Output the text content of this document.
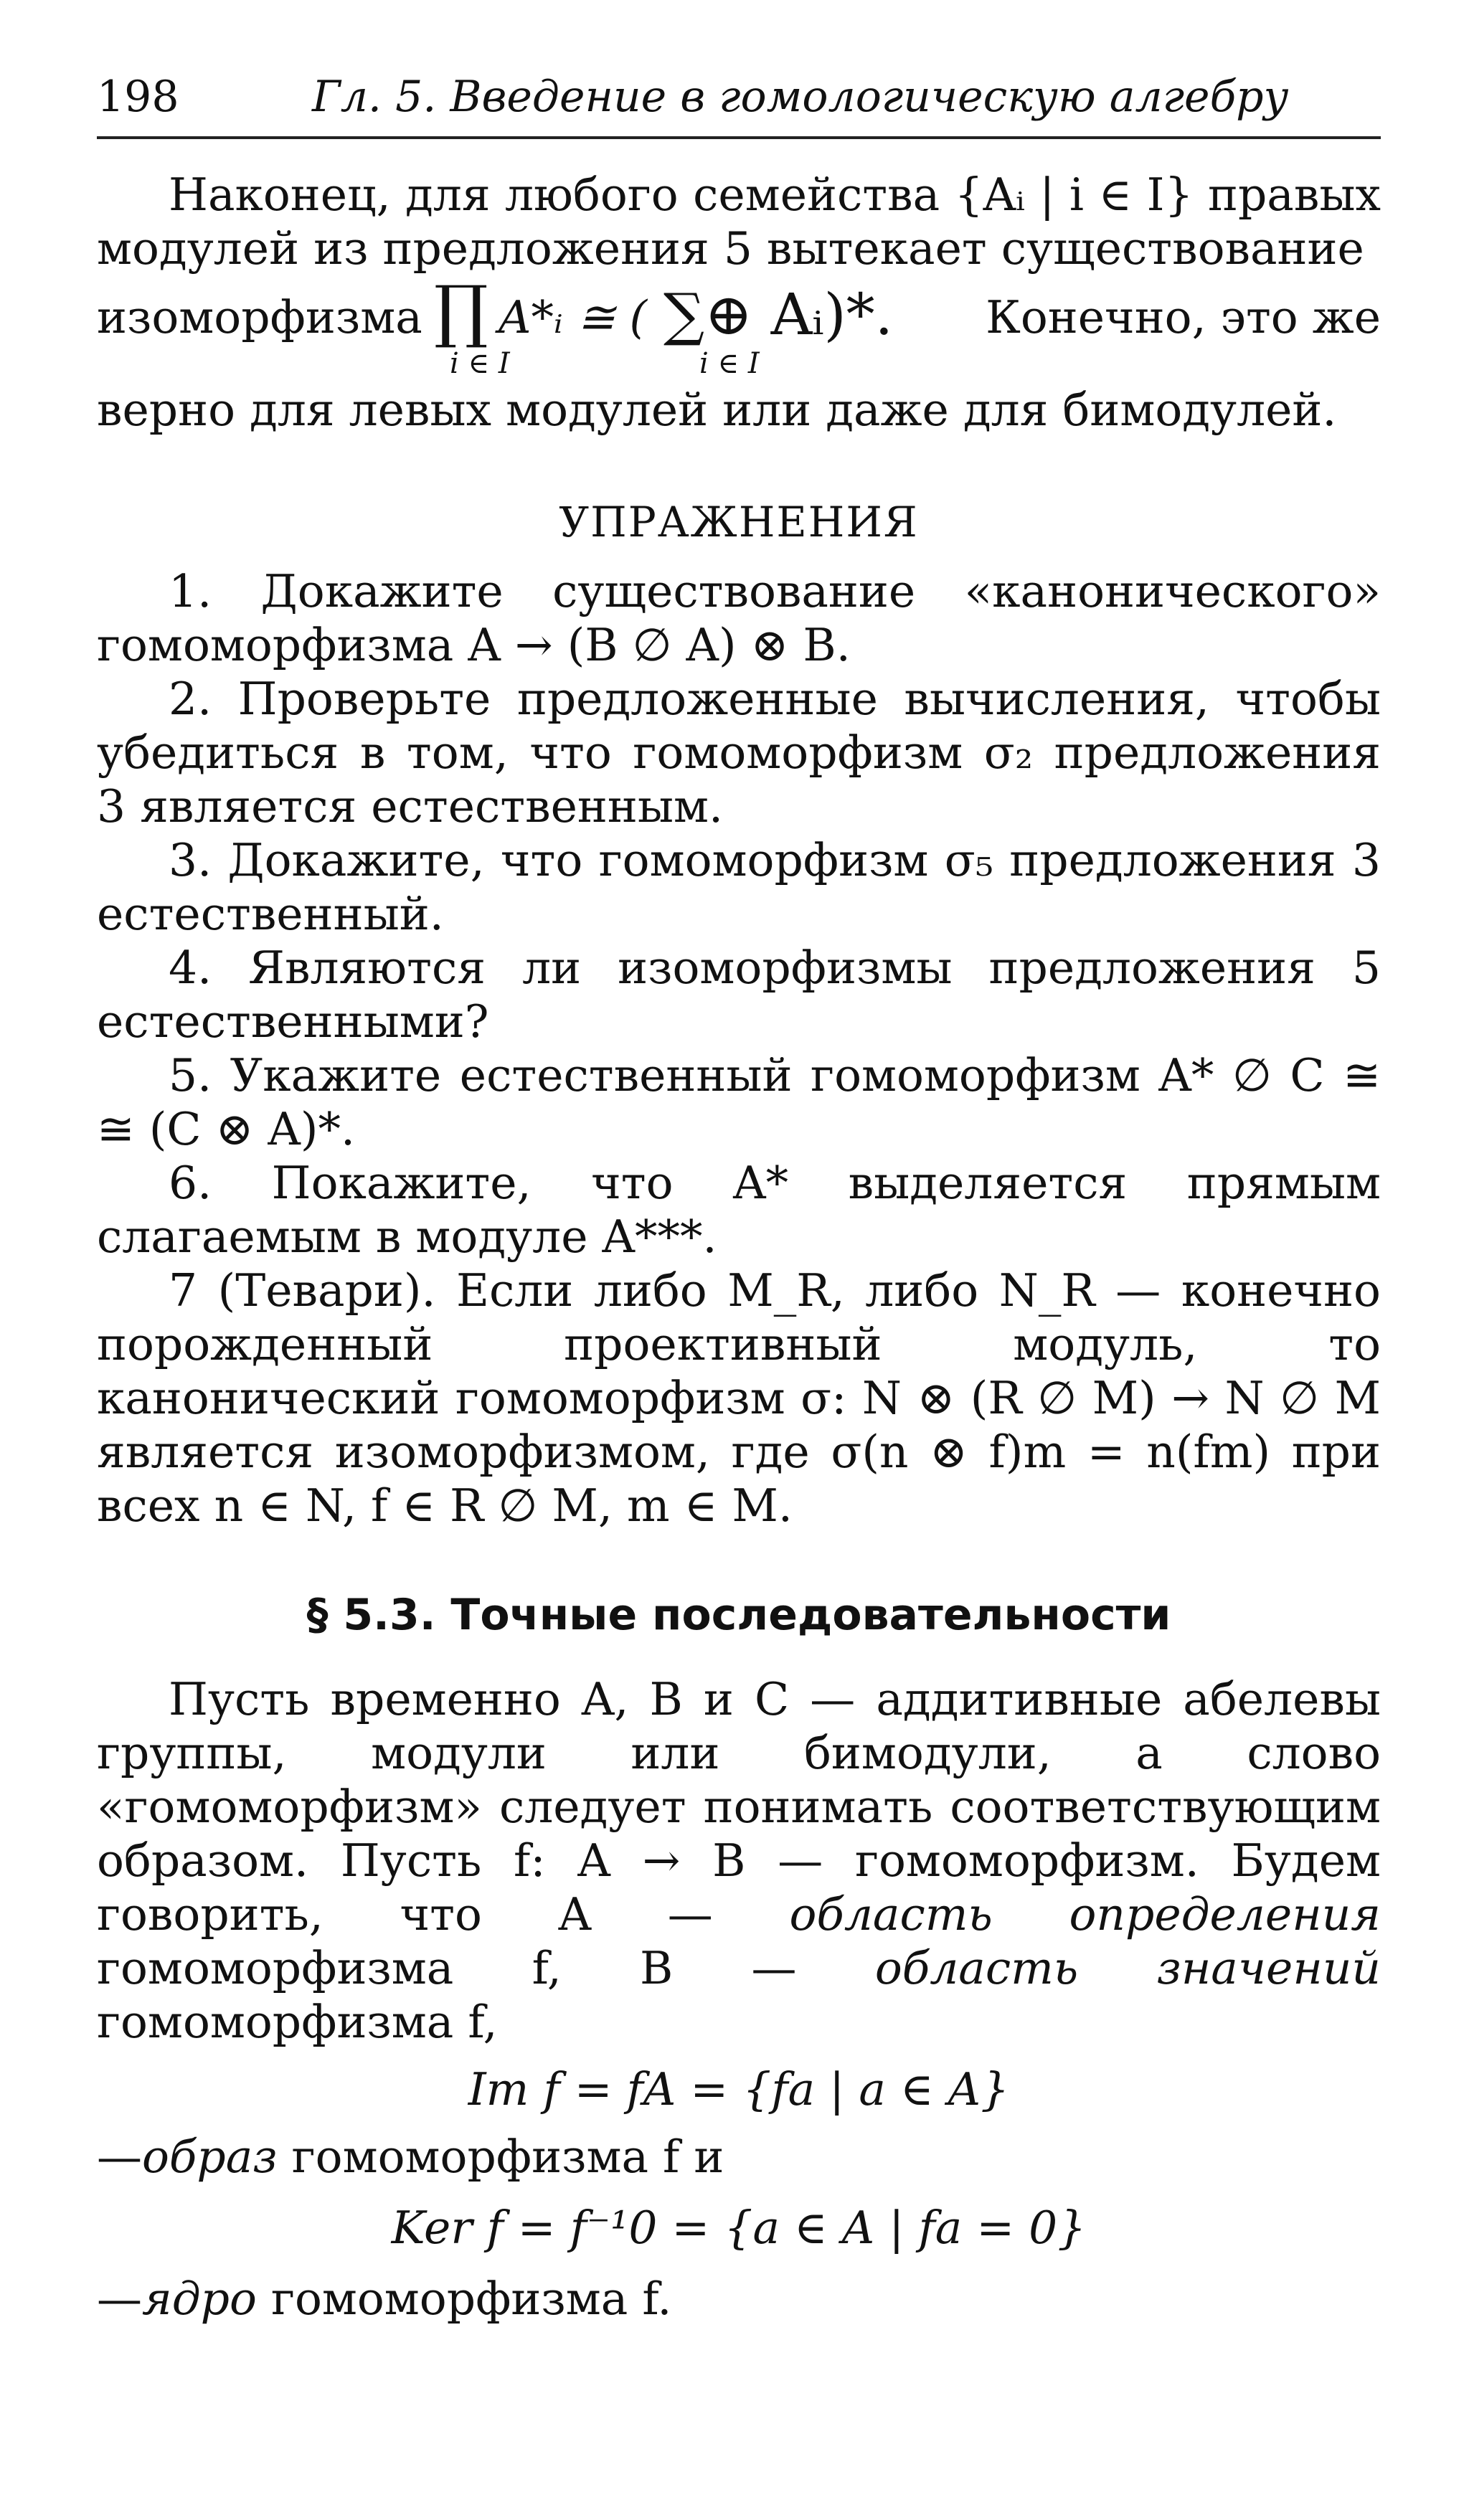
198	Гл. 5. Введение в гомологическую алгебру

Наконец, для любого семейства {Aᵢ | i ∈ I} правых модулей из предложения 5 вытекает существование

изоморфизма ∏
i ∈ I
A*ᵢ ≅ ( ∑⊕ Aᵢ)*.
i ∈ I
Конечно, это же

верно для левых модулей или даже для бимодулей.

УПРАЖНЕНИЯ

1. Докажите существование «канонического» гомоморфизма A → (B ∅ A) ⊗ B.

2. Проверьте предложенные вычисления, чтобы убедиться в том, что гомоморфизм σ₂ предложения 3 является естественным.

3. Докажите, что гомоморфизм σ₅ предложения 3 естественный.

4. Являются ли изоморфизмы предложения 5 естественными?

5. Укажите естественный гомоморфизм A* ∅ C ≅ ≅ (C ⊗ A)*.

6. Покажите, что A* выделяется прямым слагаемым в модуле A***.

7 (Тевари). Если либо M_R, либо N_R — конечно порожденный проективный модуль, то канонический гомоморфизм σ: N ⊗ (R ∅ M) → N ∅ M является изоморфизмом, где σ(n ⊗ f)m = n(fm) при всех n ∈ N, f ∈ R ∅ M, m ∈ M.

§ 5.3. Точные последовательности

Пусть временно A, B и C — аддитивные абелевы группы, модули или бимодули, а слово «гомоморфизм» следует понимать соответствующим образом. Пусть f: A → B — гомоморфизм. Будем говорить, что A — область определения гомоморфизма f, B — область значений гомоморфизма f,

Im f = fA = {fa | a ∈ A}

—образ гомоморфизма f и

Ker f = f⁻¹0 = {a ∈ A | fa = 0}

—ядро гомоморфизма f.
